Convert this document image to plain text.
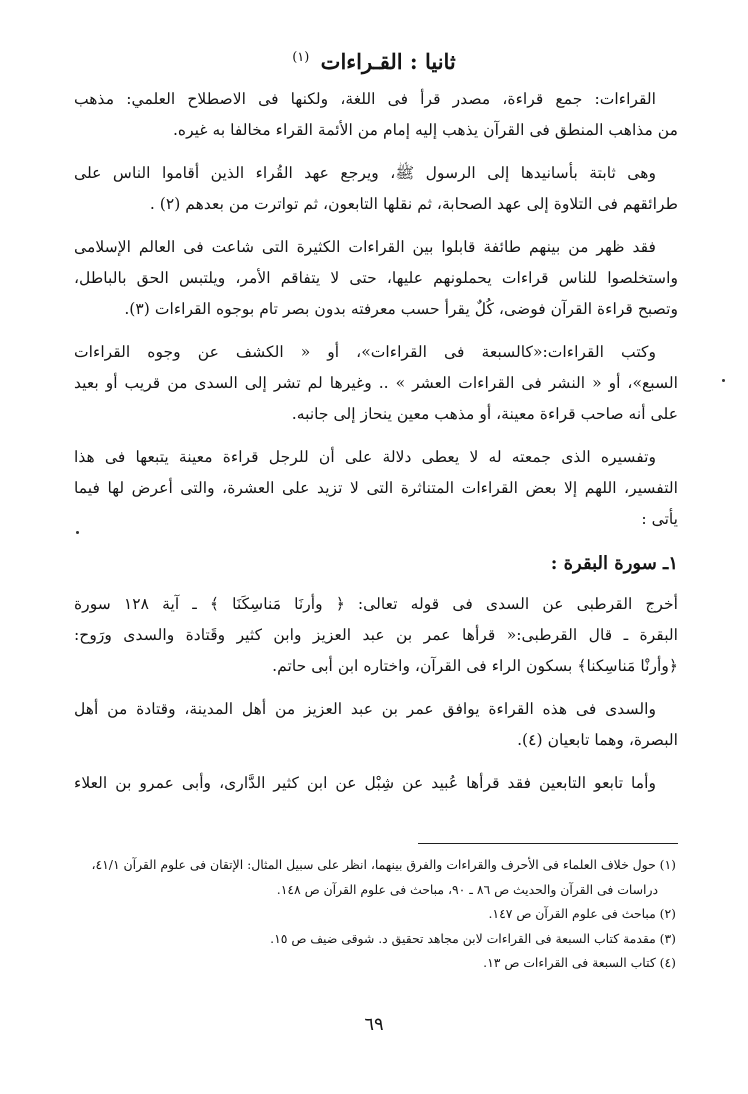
ثانيا : القـراءات $^{(١)}$

القراءات: جمع قراءة، مصدر قرأ فى اللغة، ولكنها فى الاصطلاح العلمي: مذهب
من مذاهب المنطق فى القرآن يذهب إليه إمام من الأئمة القراء مخالفا به غيره.

وهى ثابتة بأسانيدها إلى الرسول ﷺ، ويرجع عهد القُراء الذين أقاموا الناس على
طرائقهم فى التلاوة إلى عهد الصحابة، ثم نقلها التابعون، ثم تواترت من بعدهم (٢) .

فقد ظهر من بينهم طائفة قابلوا بين القراءات الكثيرة التى شاعت فى العالم الإسلامى
واستخلصوا للناس قراءات يحملونهم عليها، حتى لا يتفاقم الأمر، ويلتبس الحق بالباطل،
وتصبح قراءة القرآن فوضى، كُلٌ يقرأ حسب معرفته بدون بصر تام بوجوه القراءات (٣).

وكتب القراءات:«كالسبعة فى القراءات»، أو « الكشف عن وجوه القراءات
السبع»، أو « النشر فى القراءات العشر » .. وغيرها لم تشر إلى السدى من قريب أو بعيد
على أنه صاحب قراءة معينة، أو مذهب معين ينحاز إلى جانبه.

وتفسيره الذى جمعته له لا يعطى دلالة على أن للرجل قراءة معينة يتبعها فى هذا
التفسير، اللهم إلا بعض القراءات المتناثرة التى لا تزيد على العشرة، والتى أعرض لها فيما
يأتى :

١ـ سورة البقرة :

أخرج القرطبى عن السدى فى قوله تعالى: ﴿ وأرنَا مَناسِكَنَا ﴾ ـ آية ١٢٨ سورة
البقرة ـ قال القرطبى:« قرأها عمر بن عبد العزيز وابن كثير وقَتادة والسدى ورَوح:
﴿وأرنْا مَناسِكنا﴾ بسكون الراء فى القرآن، واختاره ابن أبى حاتم.

والسدى فى هذه القراءة يوافق عمر بن عبد العزيز من أهل المدينة، وقتادة من أهل
البصرة، وهما تابعيان (٤).

وأما تابعو التابعين فقد قرأها عُبيد عن شِبْل عن ابن كثير الدَّارى، وأبى عمرو بن العلاء

(١) حول خلاف العلماء فى الأحرف والقراءات والفرق بينهما، انظر على سبيل المثال: الإتقان فى علوم القرآن ٤١/١،
دراسات فى القرآن والحديث ص ٨٦ ـ ٩٠، مباحث فى علوم القرآن ص ١٤٨.
(٢) مباحث فى علوم القرآن ص ١٤٧.
(٣) مقدمة كتاب السبعة فى القراءات لابن مجاهد تحقيق د. شوقى ضيف ص ١٥.
(٤) كتاب السبعة فى القراءات ص ١٣.
٦٩
